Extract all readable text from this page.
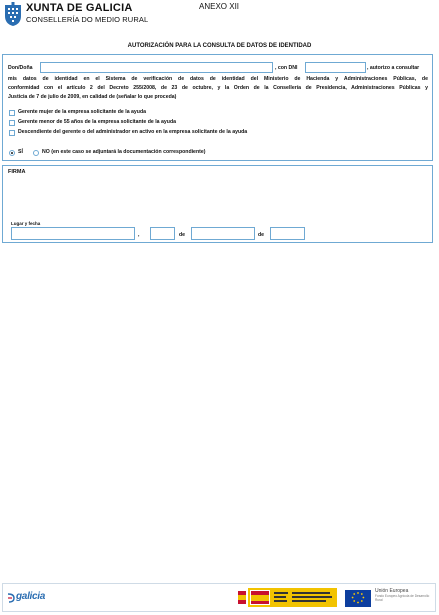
XUNTA DE GALICIA
CONSELLERÍA DO MEDIO RURAL
ANEXO XII
AUTORIZACIÓN PARA LA CONSULTA DE DATOS DE IDENTIDAD
Don/Doña	, con DNI	, autorizo a consultar
mis datos de identidad en el Sistema de verificación de datos de identidad del Ministerio de Hacienda y Administraciones Públicas, de
conformidad con el artículo 2 del Decreto 255/2008, de 23 de octubre, y la Orden de la Consellería de Presidencia, Administraciones Públicas y
Justicia de 7 de julio de 2009, en calidad de (señalar lo que proceda)
Gerente mujer de la empresa solicitante de la ayuda
Gerente menor de 55 años de la empresa solicitante de la ayuda
Descendiente del gerente o del administrador en activo en la empresa solicitante de la ayuda
SÍ	NO (en este caso se adjuntará la documentación correspondiente)
FIRMA
Lugar y fecha
,	de	de
galicia	Unión Europea
Fondo Europeo Agrícola de Desarrollo Rural
